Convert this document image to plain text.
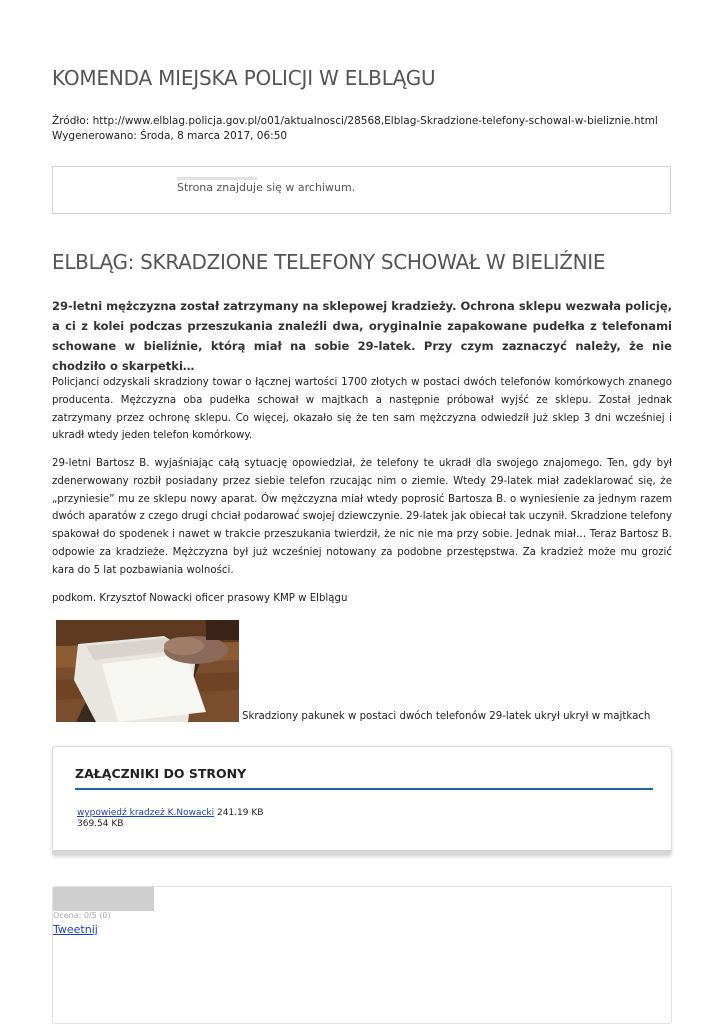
KOMENDA MIEJSKA POLICJI W ELBLĄGU
Źródło: http://www.elblag.policja.gov.pl/o01/aktualnosci/28568,Elblag-Skradzione-telefony-schowal-w-bieliznie.html
Wygenerowano: Środa, 8 marca 2017, 06:50
Strona znajduje się w archiwum.
ELBLĄG: SKRADZIONE TELEFONY SCHOWAŁ W BIELIŹNIE

29-letni mężczyzna został zatrzymany na sklepowej kradzieży. Ochrona sklepu wezwała policję, a ci z kolei podczas przeszukania znaleźli dwa, oryginalnie zapakowane pudełka z telefonami schowane w bieliźnie, którą miał na sobie 29-latek. Przy czym zaznaczyć należy, że nie chodziło o skarpetki…

Policjanci odzyskali skradziony towar o łącznej wartości 1700 złotych w postaci dwóch telefonów komórkowych znanego producenta. Mężczyzna oba pudełka schował w majtkach a następnie próbował wyjść ze sklepu. Został jednak zatrzymany przez ochronę sklepu. Co więcej, okazało się że ten sam mężczyzna odwiedził już sklep 3 dni wcześniej i ukradł wtedy jeden telefon komórkowy.

29-letni Bartosz B. wyjaśniając całą sytuację opowiedział, że telefony te ukradł dla swojego znajomego. Ten, gdy był zdenerwowany rozbił posiadany przez siebie telefon rzucając nim o ziemie. Wtedy 29-latek miał zadeklarować się, że „przyniesie” mu ze sklepu nowy aparat. Ów mężczyzna miał wtedy poprosić Bartosza B. o wyniesienie za jednym razem dwóch aparatów z czego drugi chciał podarować swojej dziewczynie. 29-latek jak obiecał tak uczynił. Skradzione telefony spakował do spodenek i nawet w trakcie przeszukania twierdził, że nic nie ma przy sobie. Jednak miał… Teraz Bartosz B. odpowie za kradzieże. Mężczyzna był już wcześniej notowany za podobne przestępstwa. Za kradzież może mu grozić kara do 5 lat pozbawiania wolności.

podkom. Krzysztof Nowacki oficer prasowy KMP w Elblągu

Skradziony pakunek w postaci dwóch telefonów 29-latek ukrył ukrył w majtkach
ZAŁĄCZNIKI DO STRONY
wypowiedź kradzeż K.Nowacki 241.19 KB
369.54 KB
Ocena: 0/5 (0)
Tweetnij
